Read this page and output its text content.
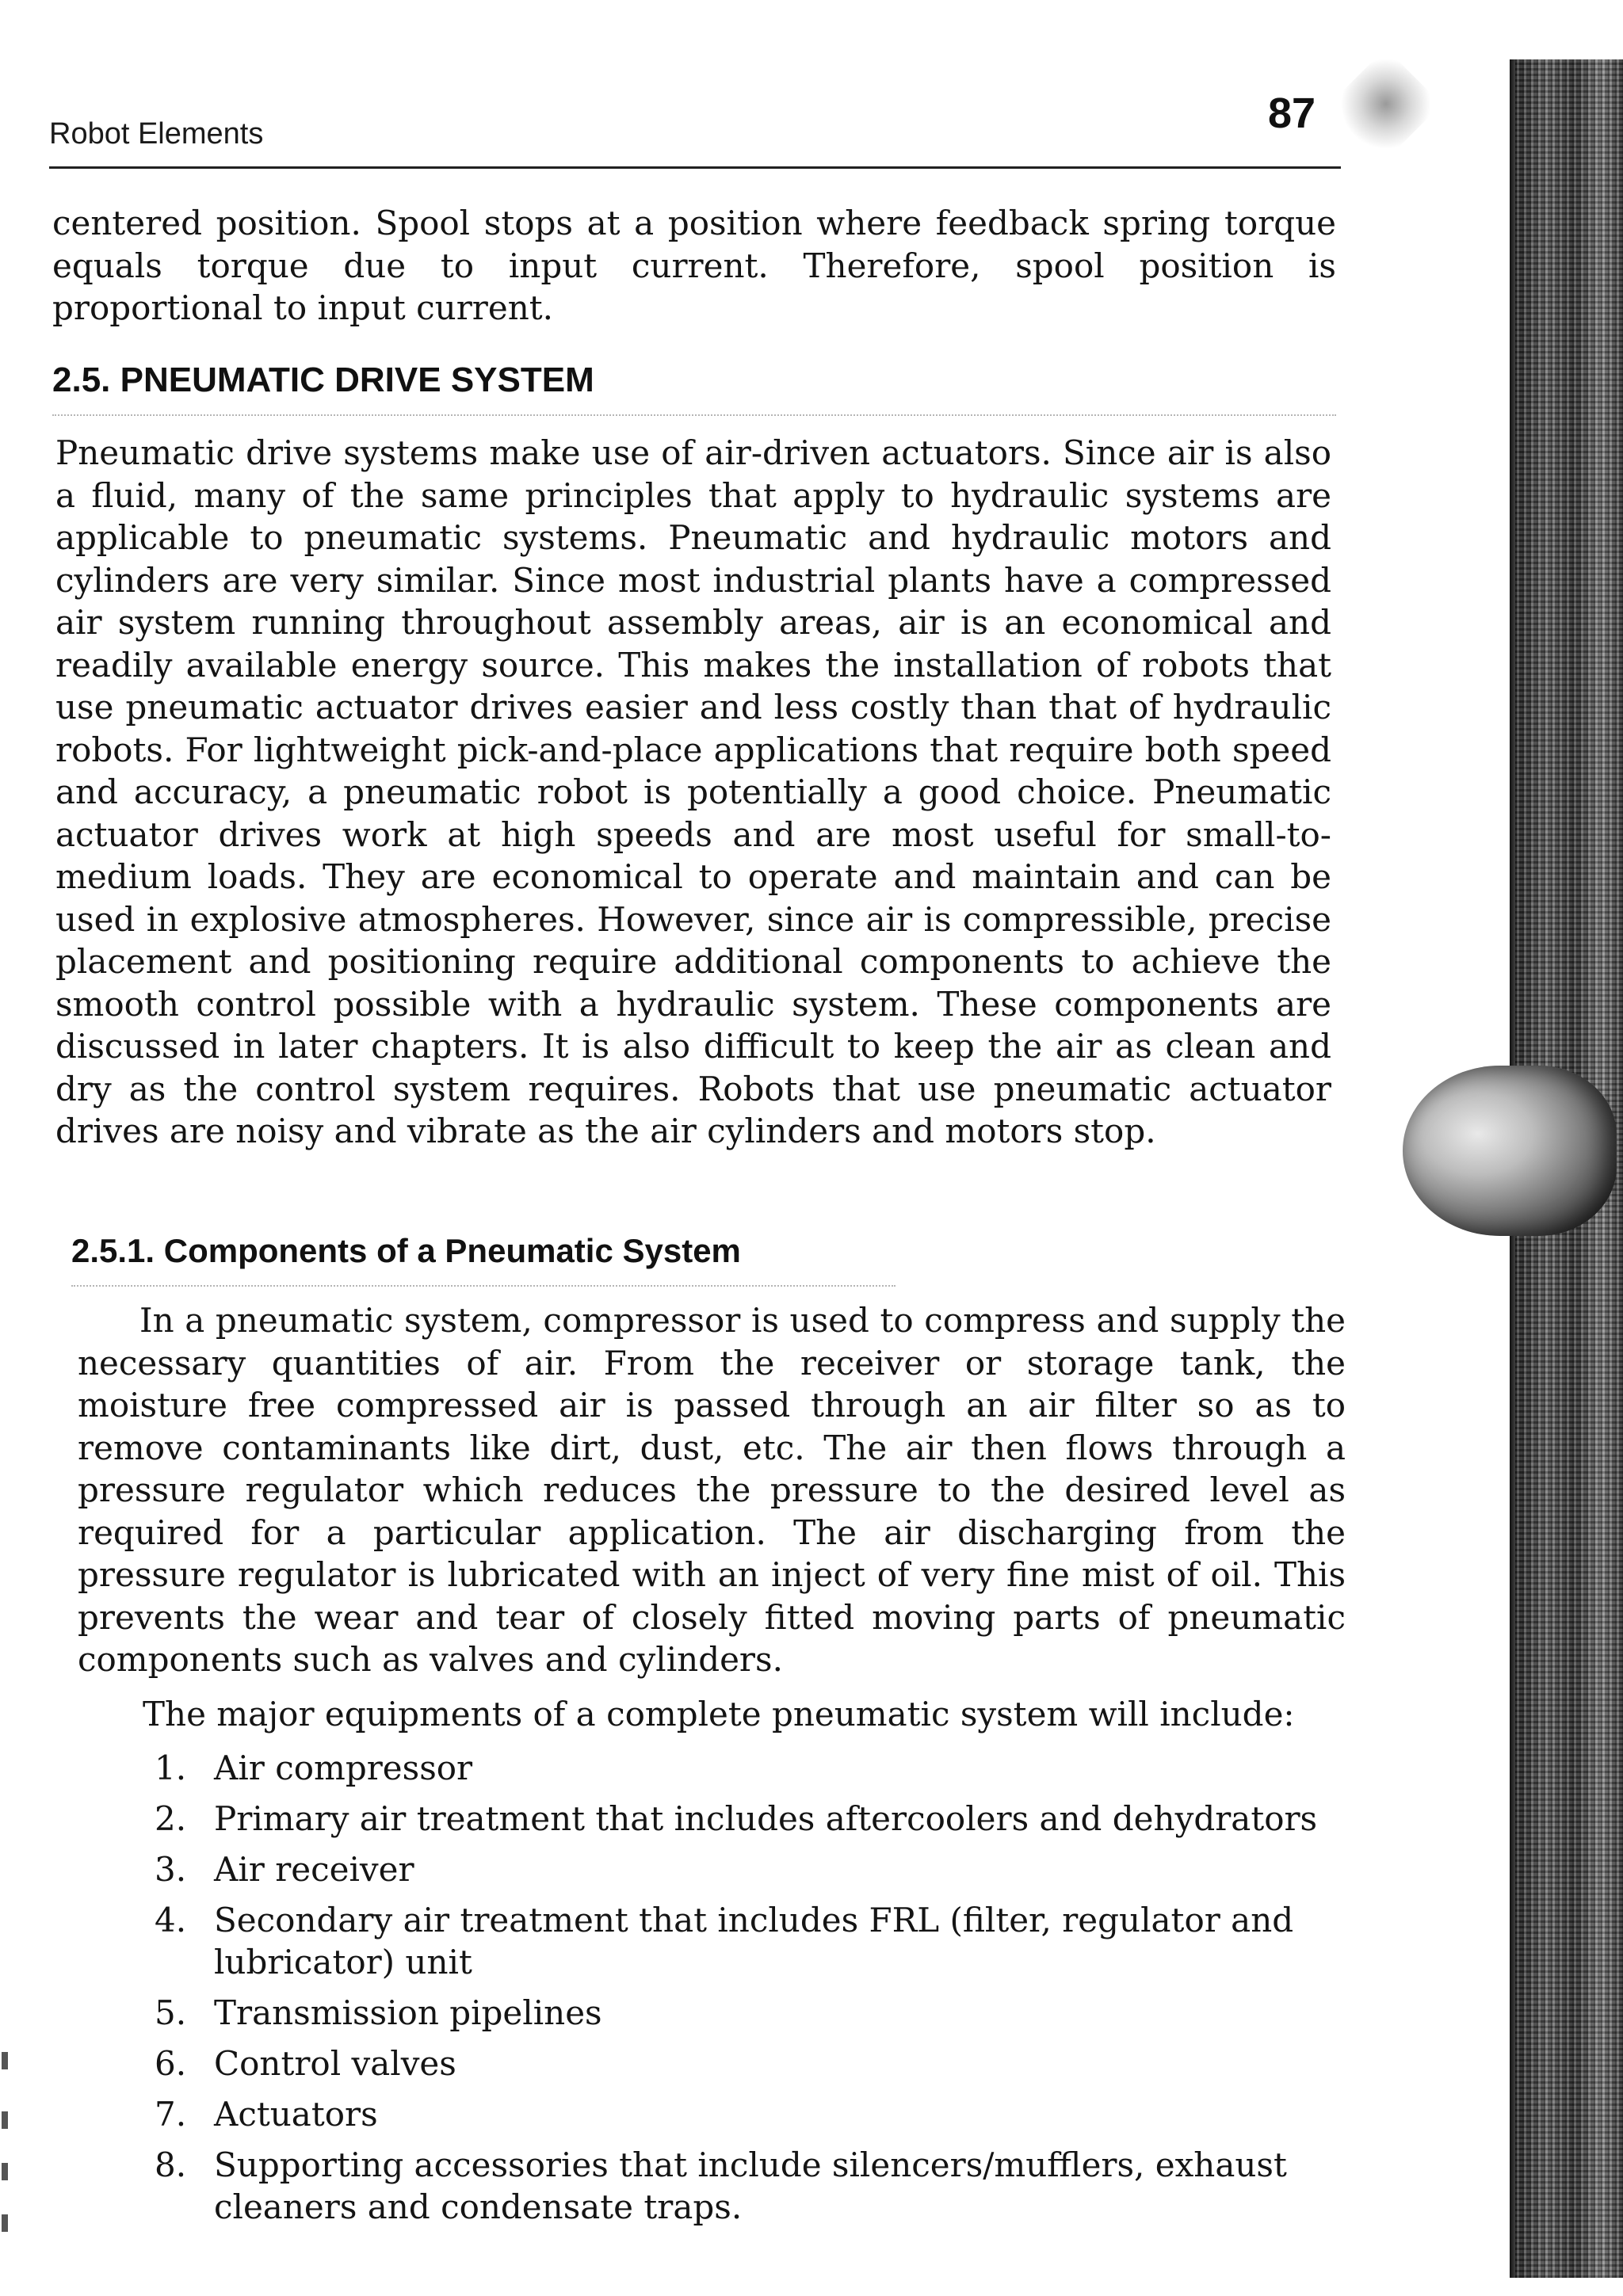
Robot Elements	87

centered position. Spool stops at a position where feedback spring torque equals torque due to input current. Therefore, spool position is proportional to input current.

2.5. PNEUMATIC DRIVE SYSTEM

Pneumatic drive systems make use of air-driven actuators. Since air is also a fluid, many of the same principles that apply to hydraulic systems are applicable to pneumatic systems. Pneumatic and hydraulic motors and cylinders are very similar. Since most industrial plants have a compressed air system running throughout assembly areas, air is an economical and readily available energy source. This makes the installation of robots that use pneumatic actuator drives easier and less costly than that of hydraulic robots. For lightweight pick-and-place applications that require both speed and accuracy, a pneumatic robot is potentially a good choice. Pneumatic actuator drives work at high speeds and are most useful for small-to-medium loads. They are economical to operate and maintain and can be used in explosive atmospheres. However, since air is compressible, precise placement and positioning require additional components to achieve the smooth control possible with a hydraulic system. These components are discussed in later chapters. It is also difficult to keep the air as clean and dry as the control system requires. Robots that use pneumatic actuator drives are noisy and vibrate as the air cylinders and motors stop.

2.5.1. Components of a Pneumatic System

In a pneumatic system, compressor is used to compress and supply the necessary quantities of air. From the receiver or storage tank, the moisture free compressed air is passed through an air filter so as to remove contaminants like dirt, dust, etc. The air then flows through a pressure regulator which reduces the pressure to the desired level as required for a particular application. The air discharging from the pressure regulator is lubricated with an inject of very fine mist of oil. This prevents the wear and tear of closely fitted moving parts of pneumatic components such as valves and cylinders.

The major equipments of a complete pneumatic system will include:

1. Air compressor
2. Primary air treatment that includes aftercoolers and dehydrators
3. Air receiver
4. Secondary air treatment that includes FRL (filter, regulator and lubricator) unit
5. Transmission pipelines
6. Control valves
7. Actuators
8. Supporting accessories that include silencers/mufflers, exhaust cleaners and condensate traps.
